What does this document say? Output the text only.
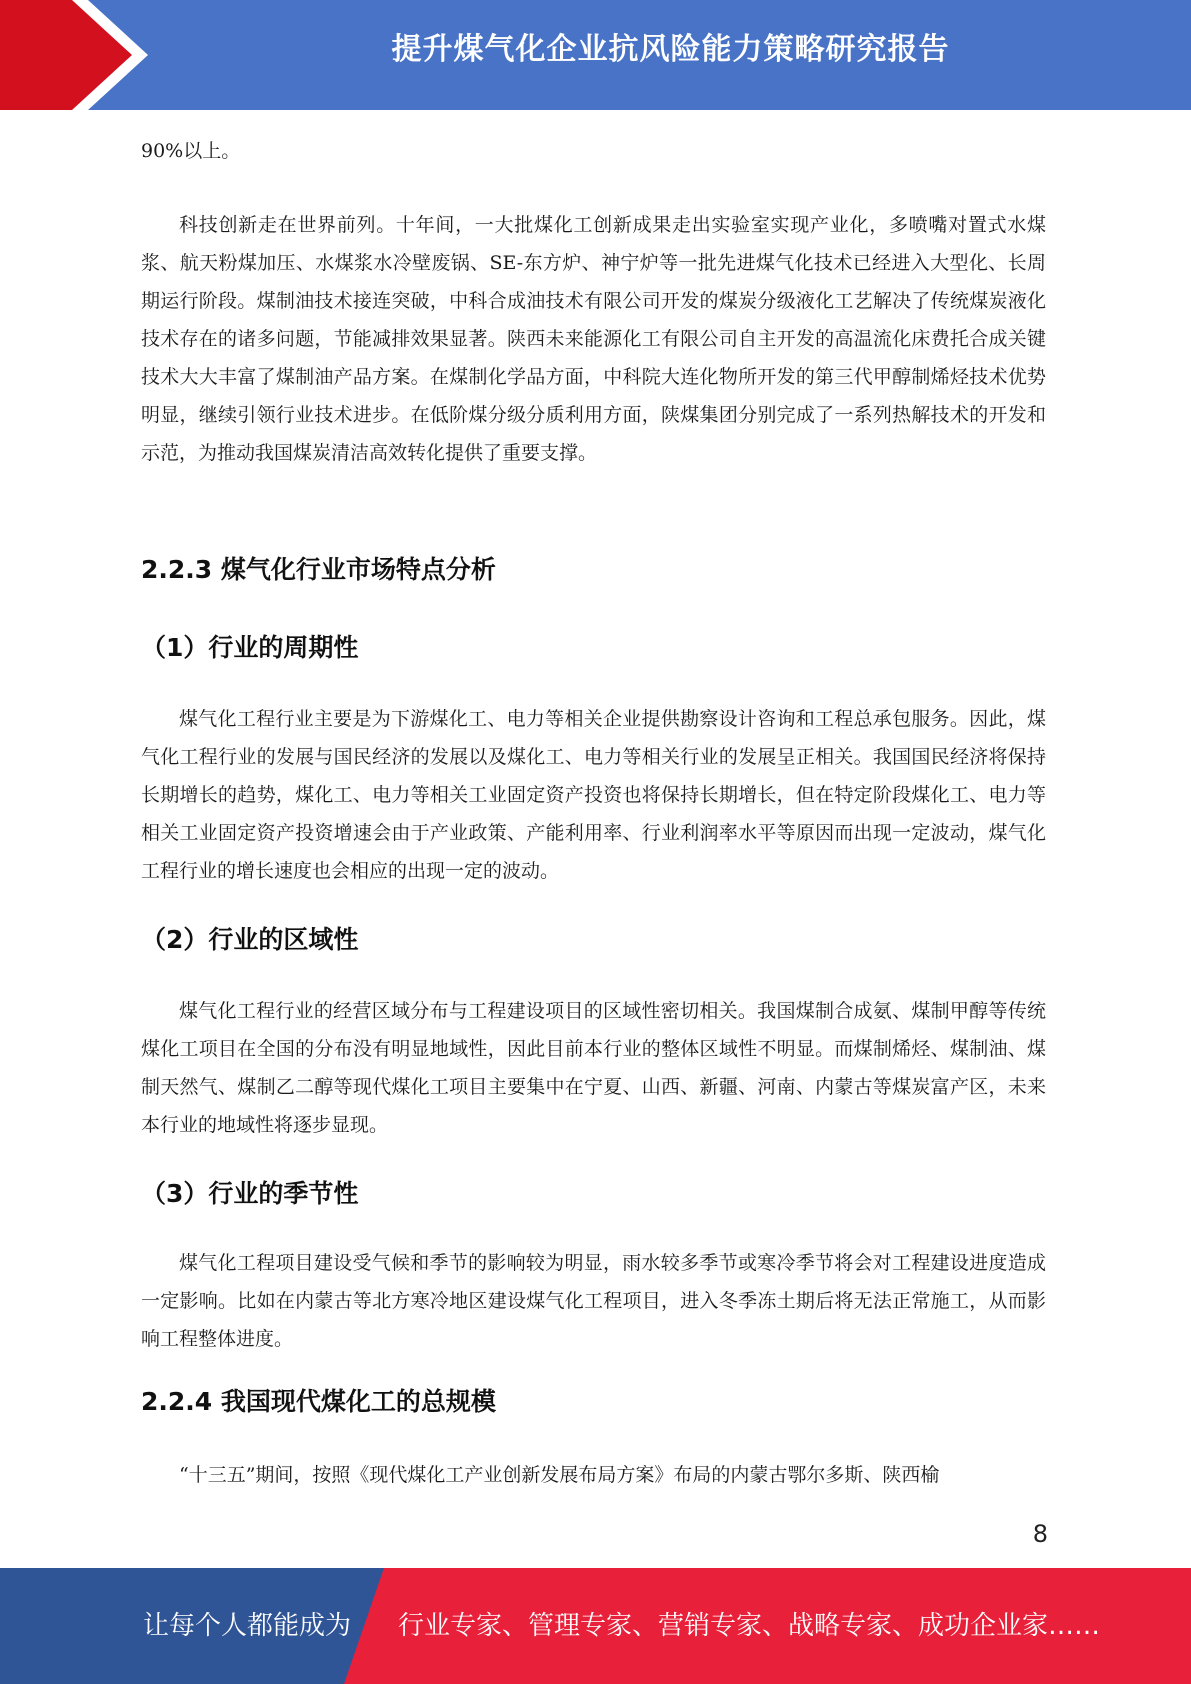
提升煤气化企业抗风险能力策略研究报告

90%以上。

科技创新走在世界前列。十年间，一大批煤化工创新成果走出实验室实现产业化，多喷嘴对置式水煤浆、航天粉煤加压、水煤浆水冷壁废锅、SE-东方炉、神宁炉等一批先进煤气化技术已经进入大型化、长周期运行阶段。煤制油技术接连突破，中科合成油技术有限公司开发的煤炭分级液化工艺解决了传统煤炭液化技术存在的诸多问题，节能减排效果显著。陕西未来能源化工有限公司自主开发的高温流化床费托合成关键技术大大丰富了煤制油产品方案。在煤制化学品方面，中科院大连化物所开发的第三代甲醇制烯烃技术优势明显，继续引领行业技术进步。在低阶煤分级分质利用方面，陕煤集团分别完成了一系列热解技术的开发和示范，为推动我国煤炭清洁高效转化提供了重要支撑。

2.2.3 煤气化行业市场特点分析
（1）行业的周期性

煤气化工程行业主要是为下游煤化工、电力等相关企业提供勘察设计咨询和工程总承包服务。因此，煤气化工程行业的发展与国民经济的发展以及煤化工、电力等相关行业的发展呈正相关。我国国民经济将保持长期增长的趋势，煤化工、电力等相关工业固定资产投资也将保持长期增长，但在特定阶段煤化工、电力等相关工业固定资产投资增速会由于产业政策、产能利用率、行业利润率水平等原因而出现一定波动，煤气化工程行业的增长速度也会相应的出现一定的波动。

（2）行业的区域性

煤气化工程行业的经营区域分布与工程建设项目的区域性密切相关。我国煤制合成氨、煤制甲醇等传统煤化工项目在全国的分布没有明显地域性，因此目前本行业的整体区域性不明显。而煤制烯烃、煤制油、煤制天然气、煤制乙二醇等现代煤化工项目主要集中在宁夏、山西、新疆、河南、内蒙古等煤炭富产区，未来本行业的地域性将逐步显现。

（3）行业的季节性

煤气化工程项目建设受气候和季节的影响较为明显，雨水较多季节或寒冷季节将会对工程建设进度造成一定影响。比如在内蒙古等北方寒冷地区建设煤气化工程项目，进入冬季冻土期后将无法正常施工，从而影响工程整体进度。

2.2.4 我国现代煤化工的总规模

“十三五”期间，按照《现代煤化工产业创新发展布局方案》布局的内蒙古鄂尔多斯、陕西榆

8
让每个人都能成为 行业专家、管理专家、营销专家、战略专家、成功企业家……
